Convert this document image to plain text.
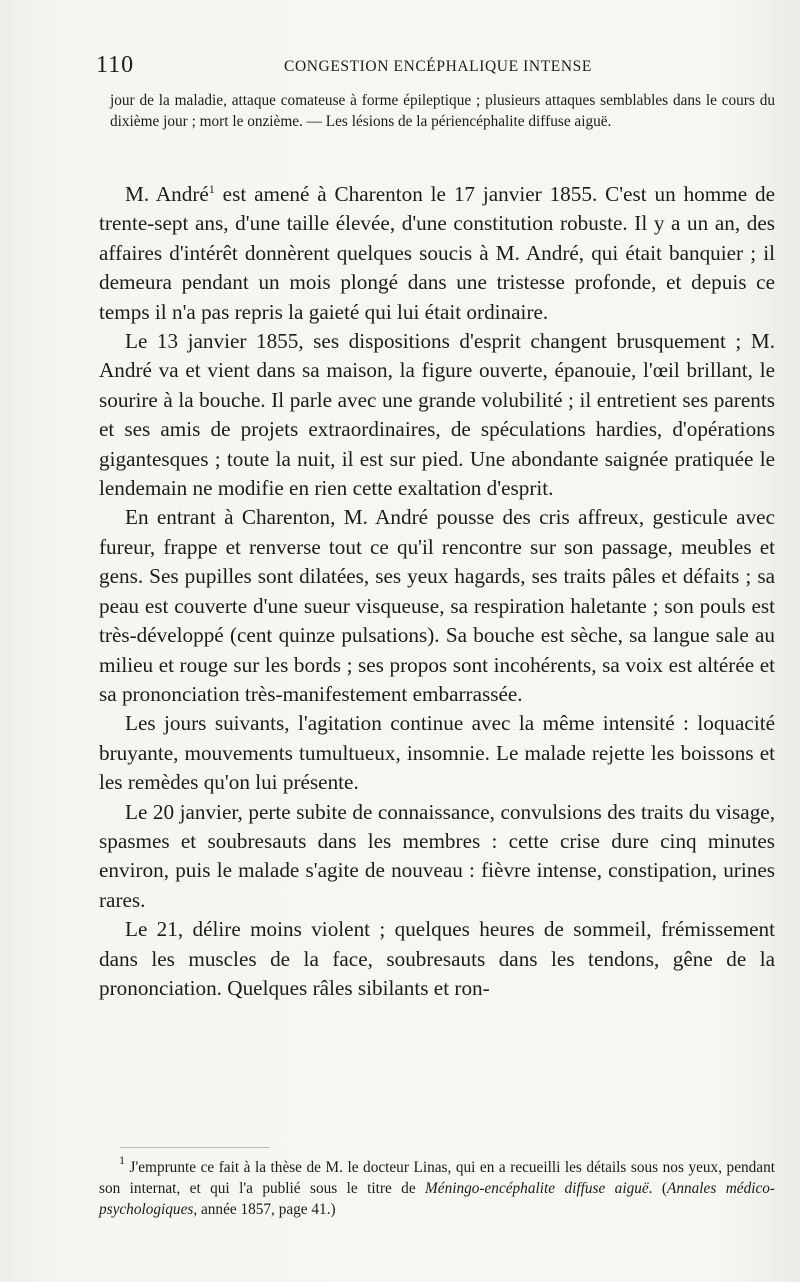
110	CONGESTION ENCÉPHALIQUE INTENSE
jour de la maladie, attaque comateuse à forme épileptique ; plusieurs attaques semblables dans le cours du dixième jour ; mort le onzième. — Les lésions de la périencéphalite diffuse aiguë.

M. André$^1$ est amené à Charenton le 17 janvier 1855. C'est un homme de trente-sept ans, d'une taille élevée, d'une constitution robuste. Il y a un an, des affaires d'intérêt donnèrent quelques soucis à M. André, qui était banquier ; il demeura pendant un mois plongé dans une tristesse profonde, et depuis ce temps il n'a pas repris la gaieté qui lui était ordinaire.

Le 13 janvier 1855, ses dispositions d'esprit changent brusquement ; M. André va et vient dans sa maison, la figure ouverte, épanouie, l'œil brillant, le sourire à la bouche. Il parle avec une grande volubilité ; il entretient ses parents et ses amis de projets extraordinaires, de spéculations hardies, d'opérations gigantesques ; toute la nuit, il est sur pied. Une abondante saignée pratiquée le lendemain ne modifie en rien cette exaltation d'esprit.

En entrant à Charenton, M. André pousse des cris affreux, gesticule avec fureur, frappe et renverse tout ce qu'il rencontre sur son passage, meubles et gens. Ses pupilles sont dilatées, ses yeux hagards, ses traits pâles et défaits ; sa peau est couverte d'une sueur visqueuse, sa respiration haletante ; son pouls est très-développé (cent quinze pulsations). Sa bouche est sèche, sa langue sale au milieu et rouge sur les bords ; ses propos sont incohérents, sa voix est altérée et sa prononciation très-manifestement embarrassée.

Les jours suivants, l'agitation continue avec la même intensité : loquacité bruyante, mouvements tumultueux, insomnie. Le malade rejette les boissons et les remèdes qu'on lui présente.

Le 20 janvier, perte subite de connaissance, convulsions des traits du visage, spasmes et soubresauts dans les membres : cette crise dure cinq minutes environ, puis le malade s'agite de nouveau : fièvre intense, constipation, urines rares.

Le 21, délire moins violent ; quelques heures de sommeil, frémissement dans les muscles de la face, soubresauts dans les tendons, gêne de la prononciation. Quelques râles sibilants et ron-

$^1$ J'emprunte ce fait à la thèse de M. le docteur Linas, qui en a recueilli les détails sous nos yeux, pendant son internat, et qui l'a publié sous le titre de Méningo-encéphalite diffuse aiguë. (Annales médico-psychologiques, année 1857, page 41.)
